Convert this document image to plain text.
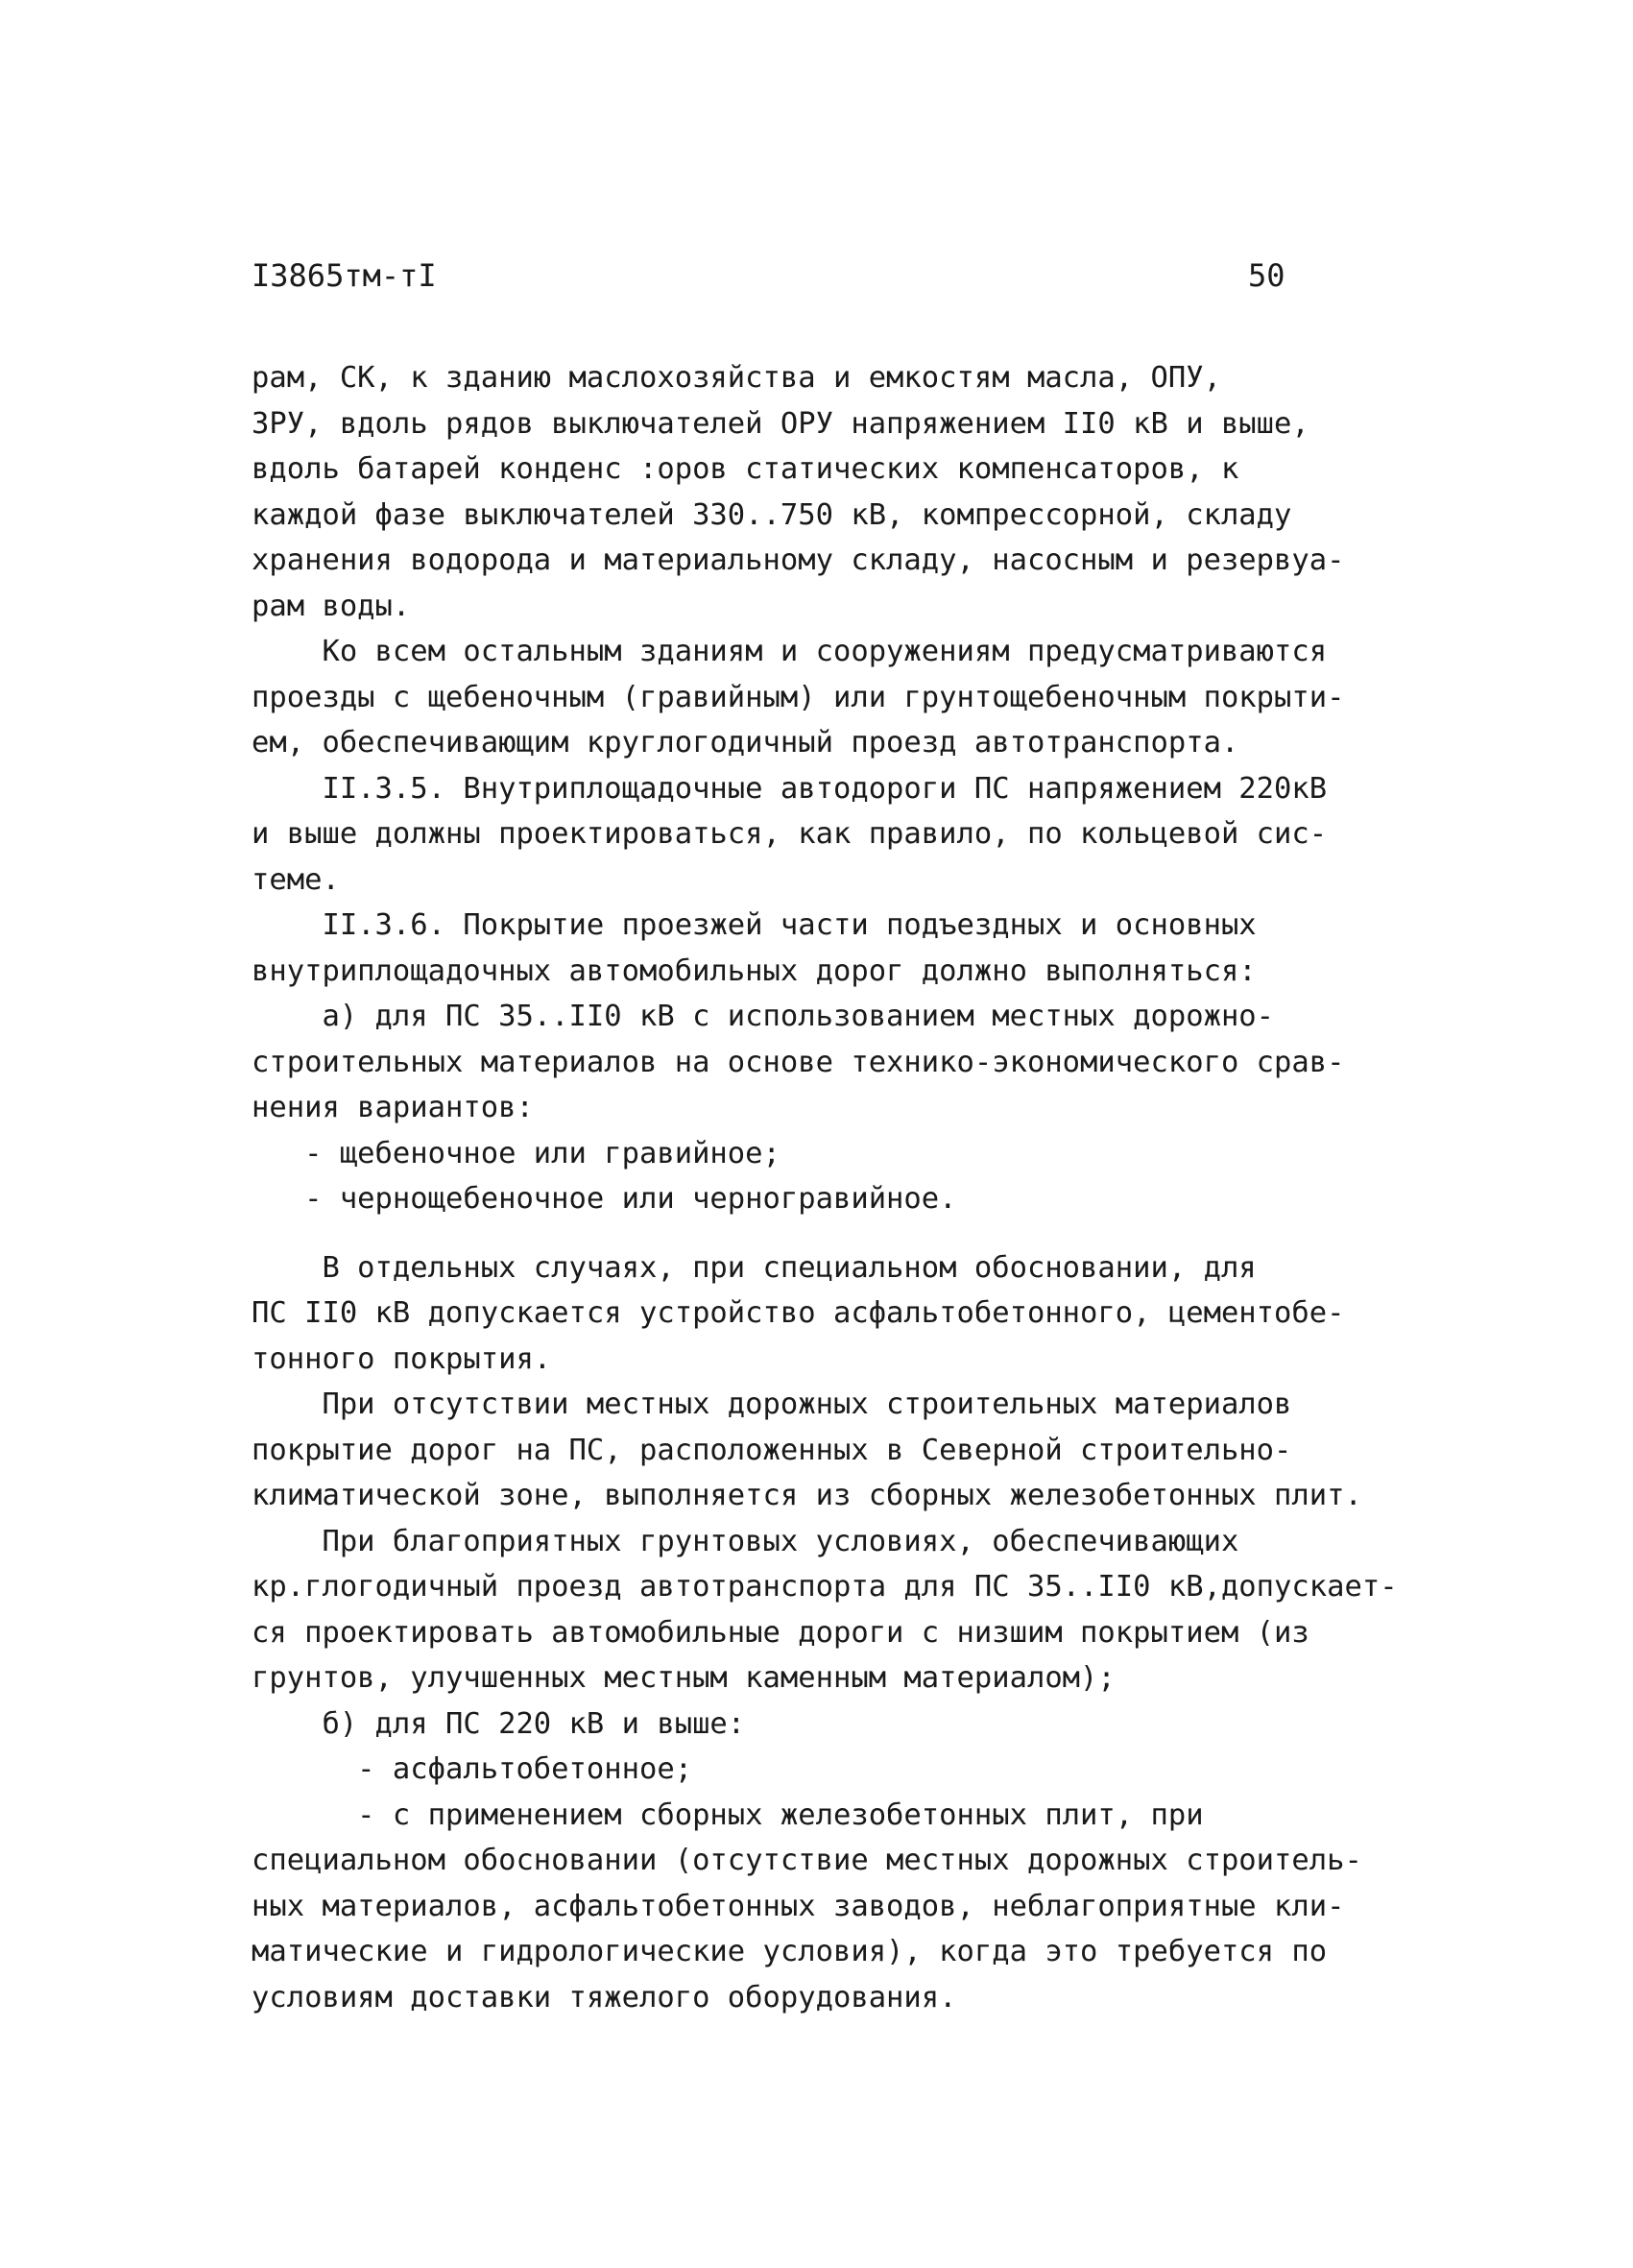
I3865тм-тI	50
рам, СК, к зданию маслохозяйства и емкостям масла, ОПУ,
ЗРУ, вдоль рядов выключателей ОРУ напряжением II0 кВ и выше,
вдоль батарей конденс :оров статических компенсаторов, к
каждой фазе выключателей 330..750 кВ, компрессорной, складу
хранения водорода и материальному складу, насосным и резервуа-
рам воды.
Ко всем остальным зданиям и сооружениям предусматриваются
проезды с щебеночным (гравийным) или грунтощебеночным покрыти-
ем, обеспечивающим круглогодичный проезд автотранспорта.
II.3.5. Внутриплощадочные автодороги ПС напряжением 220кВ
и выше должны проектироваться, как правило, по кольцевой сис-
теме.
II.3.6. Покрытие проезжей части подъездных и основных
внутриплощадочных автомобильных дорог должно выполняться:
а) для ПС 35..II0 кВ с использованием местных дорожно-
строительных материалов на основе технико-экономического срав-
нения вариантов:
- щебеночное или гравийное;
- чернощебеночное или черногравийное.
В отдельных случаях, при специальном обосновании, для
ПС II0 кВ допускается устройство асфальтобетонного, цементобе-
тонного покрытия.
При отсутствии местных дорожных строительных материалов
покрытие дорог на ПС, расположенных в Северной строительно-
климатической зоне, выполняется из сборных железобетонных плит.
При благоприятных грунтовых условиях, обеспечивающих
кр.глогодичный проезд автотранспорта для ПС 35..II0 кВ,допускает-
ся проектировать автомобильные дороги с низшим покрытием (из
грунтов, улучшенных местным каменным материалом);
б) для ПС 220 кВ и выше:
- асфальтобетонное;
- с применением сборных железобетонных плит, при
специальном обосновании (отсутствие местных дорожных строитель-
ных материалов, асфальтобетонных заводов, неблагоприятные кли-
матические и гидрологические условия), когда это требуется по
условиям доставки тяжелого оборудования.
